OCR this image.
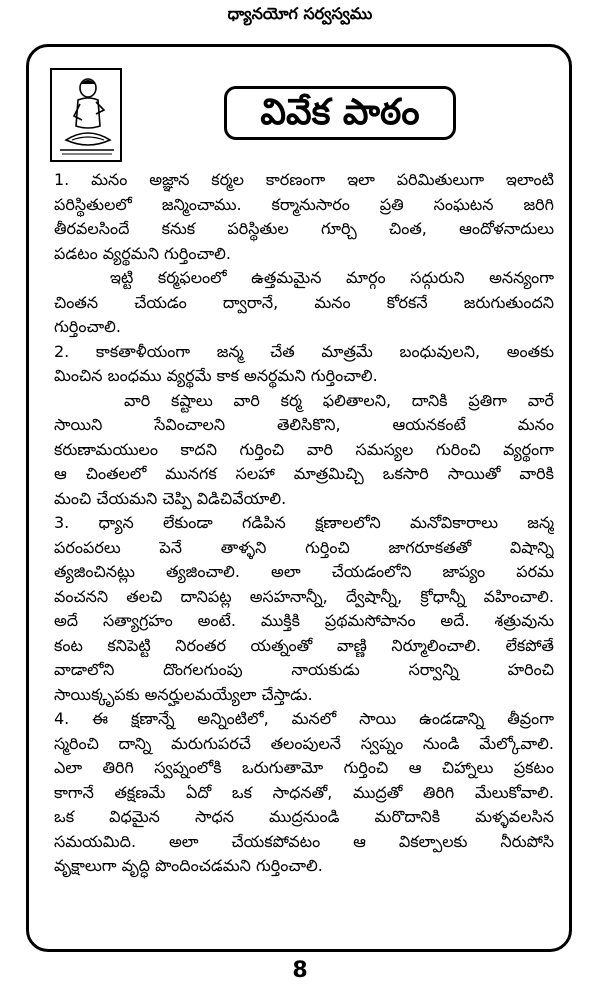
ధ్యానయోగ సర్వస్వము
వివేక పాఠం
1. మనం అజ్ఞాన కర్మల కారణంగా ఇలా పరిమితులుగా ఇలాంటి
పరిస్థితులలో జన్మించాము. కర్మానుసారం ప్రతి సంఘటన జరిగి
తీరవలసిందే కనుక పరిస్థితుల గూర్చి చింత, ఆందోళనాదులు
పడటం వ్యర్థమని గుర్తించాలి.
ఇట్టి కర్మఫలంలో ఉత్తమమైన మార్గం సద్గురుని అనన్యంగా
చింతన చేయడం ద్వారానే, మనం కోరకనే జరుగుతుందని
గుర్తించాలి.
2. కాకతాళీయంగా జన్మ చేత మాత్రమే బంధువులని, అంతకు
మించిన బంధము వ్యర్థమే కాక అనర్థమని గుర్తించాలి.
వారి కష్టాలు వారి కర్మ ఫలితాలని, దానికి ప్రతిగా వారే
సాయిని సేవించాలని తెలిసికొని, ఆయనకంటే మనం
కరుణామయులం కాదని గుర్తించి వారి సమస్యల గురించి వ్యర్థంగా
ఆ చింతలలో మునగక సలహా మాత్రమిచ్చి ఒకసారి సాయితో వారికి
మంచి చేయమని చెప్పి విడిచివేయాలి.
3. ధ్యాన లేకుండా గడిపిన క్షణాలలోని మనోవికారాలు జన్మ
పరంపరలు పెనే తాళ్ళని గుర్తించి జాగరూకతతో విషాన్ని
త్యజించినట్లు త్యజించాలి. అలా చేయడంలోని జాప్యం పరమ
వంచనని తలచి దానిపట్ల అసహనాన్నీ, ద్వేషాన్నీ, క్రోధాన్నీ వహించాలి.
అదే సత్యాగ్రహం అంటే. ముక్తికి ప్రథమసోపానం అదే. శత్రువును
కంట కనిపెట్టి నిరంతర యత్నంతో వాణ్ణి నిర్మూలించాలి. లేకపోతే
వాడాలోని దొంగలగుంపు నాయకుడు సర్వాన్ని హరించి
సాయిక్కృపకు అనర్హులమయ్యేలా చేస్తాడు.
4. ఈ క్షణాన్నే అన్నింటిలో, మనలో సాయి ఉండడాన్ని తీవ్రంగా
స్మరించి దాన్ని మరుగుపరచే తలంపులనే స్వప్నం నుండి మేల్కోవాలి.
ఎలా తిరిగి స్వప్నంలోకి ఒరుగుతామో గుర్తించి ఆ చిహ్నాలు ప్రకటం
కాగానే తక్షణమే ఏదో ఒక సాధనతో, ముద్రతో తిరిగి మేలుకోవాలి.
ఒక విధమైన సాధన ముద్రనుండి మరొదానికి మళ్ళవలసిన
సమయమిది. అలా చేయకపోవటం ఆ వికల్పాలకు నీరుపోసి
వృక్షాలుగా వృద్ధి పొందించడమని గుర్తించాలి.
8
